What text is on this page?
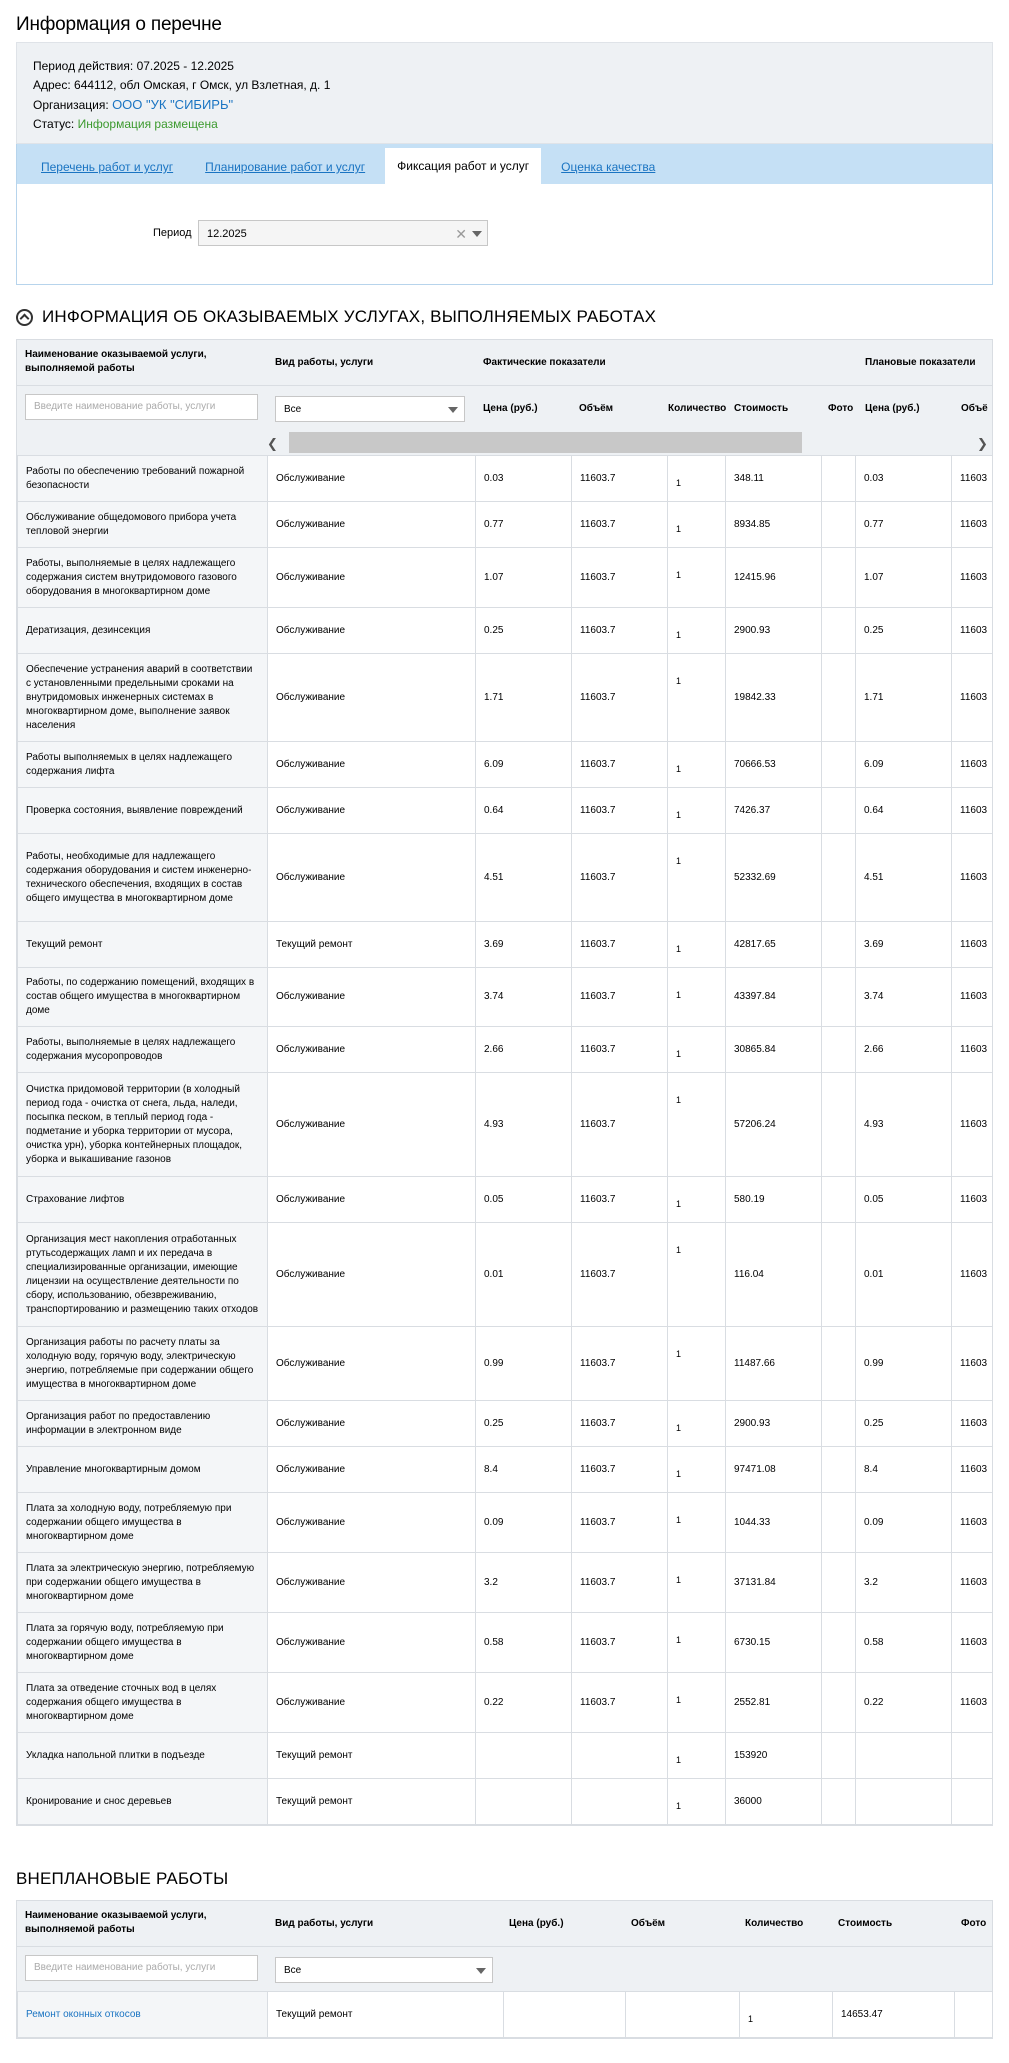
Информация о перечне
Период действия: 07.2025 - 12.2025
Адрес: 644112, обл Омская, г Омск, ул Взлетная, д. 1
Организация: ООО "УК "СИБИРЬ"
Статус: Информация размещена
Перечень работ и услуг	Планирование работ и услуг	Фиксация работ и услуг	Оценка качества
Период	12.2025	✕
ИНФОРМАЦИЯ ОБ ОКАЗЫВАЕМЫХ УСЛУГАХ, ВЫПОЛНЯЕМЫХ РАБОТАХ
Наименование оказываемой услуги, выполняемой работы
Вид работы, услуги	Фактические показатели	Плановые показатели
Введите наименование работы, услуги	Все	Цена (руб.)	Объём	Количество Стоимость	Фото Цена (руб.)	Объё
❮	❯
Работы по обеспечению требований пожарной безопасности	Обслуживание	0.03	11603.7	1	348.11		0.03	11603
Обслуживание общедомового прибора учета тепловой энергии	Обслуживание	0.77	11603.7	1	8934.85		0.77	11603
Работы, выполняемые в целях надлежащего содержания систем внутридомового газового оборудования в многоквартирном доме	Обслуживание	1.07	11603.7	1	12415.96		1.07	11603
Дератизация, дезинсекция	Обслуживание	0.25	11603.7	1	2900.93		0.25	11603
Обеспечение устранения аварий в соответствии с установленными предельными сроками на внутридомовых инженерных системах в многоквартирном доме, выполнение заявок населения	Обслуживание	1.71	11603.7	1	19842.33		1.71	11603
Работы выполняемых в целях надлежащего содержания лифта	Обслуживание	6.09	11603.7	1	70666.53		6.09	11603
Проверка состояния, выявление повреждений	Обслуживание	0.64	11603.7	1	7426.37		0.64	11603
Работы, необходимые для надлежащего содержания оборудования и систем инженерно-технического обеспечения, входящих в состав общего имущества в многоквартирном доме	Обслуживание	4.51	11603.7	1	52332.69		4.51	11603
Текущий ремонт	Текущий ремонт	3.69	11603.7	1	42817.65		3.69	11603
Работы, по содержанию помещений, входящих в состав общего имущества в многоквартирном доме	Обслуживание	3.74	11603.7	1	43397.84		3.74	11603
Работы, выполняемые в целях надлежащего содержания мусоропроводов	Обслуживание	2.66	11603.7	1	30865.84		2.66	11603
Очистка придомовой территории (в холодный период года - очистка от снега, льда, наледи, посыпка песком, в теплый период года - подметание и уборка территории от мусора, очистка урн), уборка контейнерных площадок, уборка и выкашивание газонов	Обслуживание	4.93	11603.7	1	57206.24		4.93	11603
Страхование лифтов	Обслуживание	0.05	11603.7	1	580.19		0.05	11603
Организация мест накопления отработанных ртутьсодержащих ламп и их передача в специализированные организации, имеющие лицензии на осуществление деятельности по сбору, использованию, обезвреживанию, транспортированию и размещению таких отходов	Обслуживание	0.01	11603.7	1	116.04		0.01	11603
Организация работы по расчету платы за холодную воду, горячую воду, электрическую энергию, потребляемые при содержании общего имущества в многоквартирном доме	Обслуживание	0.99	11603.7	1	11487.66		0.99	11603
Организация работ по предоставлению информации в электронном виде	Обслуживание	0.25	11603.7	1	2900.93		0.25	11603
Управление многоквартирным домом	Обслуживание	8.4	11603.7	1	97471.08		8.4	11603
Плата за холодную воду, потребляемую при содержании общего имущества в многоквартирном доме	Обслуживание	0.09	11603.7	1	1044.33		0.09	11603
Плата за электрическую энергию, потребляемую при содержании общего имущества в многоквартирном доме	Обслуживание	3.2	11603.7	1	37131.84		3.2	11603
Плата за горячую воду, потребляемую при содержании общего имущества в многоквартирном доме	Обслуживание	0.58	11603.7	1	6730.15		0.58	11603
Плата за отведение сточных вод в целях содержания общего имущества в многоквартирном доме	Обслуживание	0.22	11603.7	1	2552.81		0.22	11603
Укладка напольной плитки в подъезде	Текущий ремонт			1	153920			
Кронирование и снос деревьев	Текущий ремонт			1	36000			
ВНЕПЛАНОВЫЕ РАБОТЫ
Наименование оказываемой услуги, выполняемой работы
Вид работы, услуги	Цена (руб.)	Объём	Количество	Стоимость	Фото
Введите наименование работы, услуги	Все
Ремонт оконных откосов	Текущий ремонт			1	14653.47	
